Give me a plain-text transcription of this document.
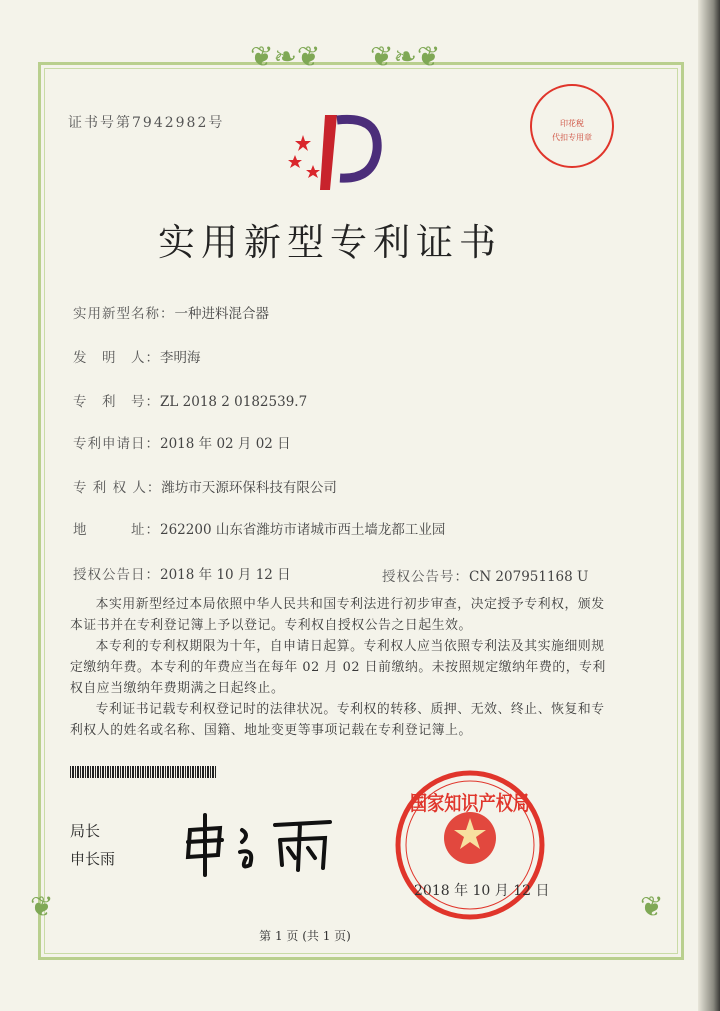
❦❧❦ ❦❧❦
❦	❦
证书号第7942982号	印花税
代扣专用章
实用新型专利证书
实用新型名称：一种进料混合器
发　明　人：李明海
专　利　号：ZL 2018 2 0182539.7
专利申请日：2018 年 02 月 02 日
专 利 权 人：潍坊市天源环保科技有限公司
地　　　址：262200 山东省潍坊市诸城市西土墙龙都工业园
授权公告日：2018 年 10 月 12 日	授权公告号：CN 207951168 U

本实用新型经过本局依照中华人民共和国专利法进行初步审查，决定授予专利权，颁发本证书并在专利登记簿上予以登记。专利权自授权公告之日起生效。

本专利的专利权期限为十年，自申请日起算。专利权人应当依照专利法及其实施细则规定缴纳年费。本专利的年费应当在每年 02 月 02 日前缴纳。未按照规定缴纳年费的，专利权自应当缴纳年费期满之日起终止。

专利证书记载专利权登记时的法律状况。专利权的转移、质押、无效、终止、恢复和专利权人的姓名或名称、国籍、地址变更等事项记载在专利登记簿上。

局长
申长雨
国家知识产权局
2018 年 10 月 12 日
第 1 页 (共 1 页)
